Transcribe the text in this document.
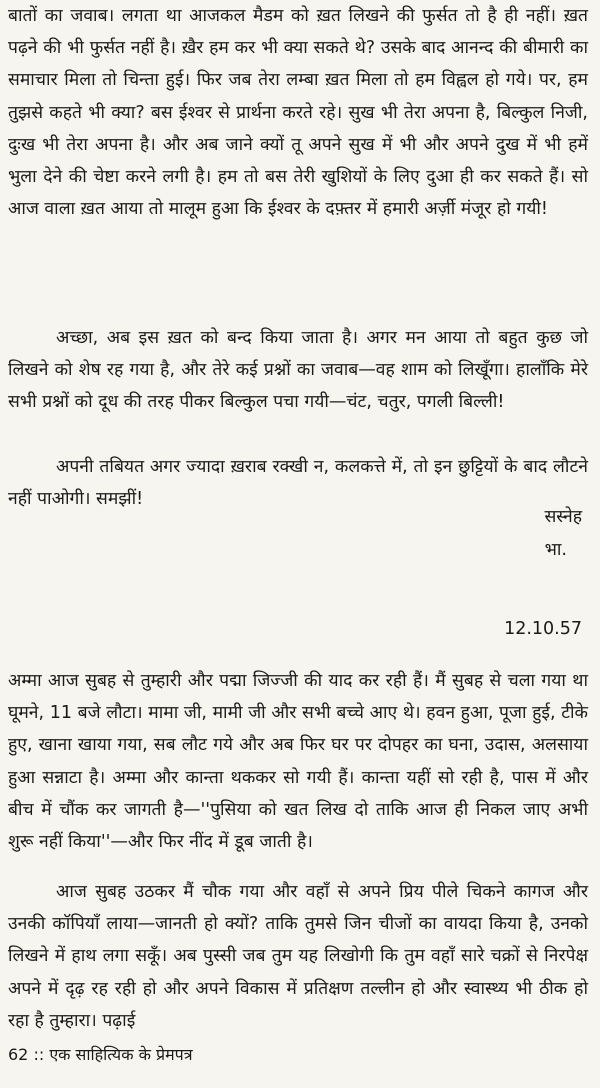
बातों का जवाब। लगता था आजकल मैडम को ख़त लिखने की फुर्सत तो है ही नहीं। ख़त पढ़ने की भी फुर्सत नहीं है। ख़ैर हम कर भी क्या सकते थे? उसके बाद आनन्द की बीमारी का समाचार मिला तो चिन्ता हुई। फिर जब तेरा लम्बा ख़त मिला तो हम विह्वल हो गये। पर, हम तुझसे कहते भी क्या? बस ईश्वर से प्रार्थना करते रहे। सुख भी तेरा अपना है, बिल्कुल निजी, दुःख भी तेरा अपना है। और अब जाने क्यों तू अपने सुख में भी और अपने दुख में भी हमें भुला देने की चेष्टा करने लगी है। हम तो बस तेरी खुशियों के लिए दुआ ही कर सकते हैं। सो आज वाला ख़त आया तो मालूम हुआ कि ईश्वर के दफ़्तर में हमारी अर्ज़ी मंजूर हो गयी!

अच्छा, अब इस ख़त को बन्द किया जाता है। अगर मन आया तो बहुत कुछ जो लिखने को शेष रह गया है, और तेरे कई प्रश्नों का जवाब—वह शाम को लिखूँगा। हालाँकि मेरे सभी प्रश्नों को दूध की तरह पीकर बिल्कुल पचा गयी—चंट, चतुर, पगली बिल्ली!

अपनी तबियत अगर ज्यादा ख़राब रक्खी न, कलकत्ते में, तो इन छुट्टियों के बाद लौटने नहीं पाओगी। समझीं!

सस्नेह
भा.
12.10.57

अम्मा आज सुबह से तुम्हारी और पद्मा जिज्जी की याद कर रही हैं। मैं सुबह से चला गया था घूमने, 11 बजे लौटा। मामा जी, मामी जी और सभी बच्चे आए थे। हवन हुआ, पूजा हुई, टीके हुए, खाना खाया गया, सब लौट गये और अब फिर घर पर दोपहर का घना, उदास, अलसाया हुआ सन्नाटा है। अम्मा और कान्ता थककर सो गयी हैं। कान्ता यहीं सो रही है, पास में और बीच में चौंक कर जागती है—''पुसिया को खत लिख दो ताकि आज ही निकल जाए अभी शुरू नहीं किया''—और फिर नींद में डूब जाती है।

आज सुबह उठकर मैं चौक गया और वहाँ से अपने प्रिय पीले चिकने कागज और उनकी कॉपियाँ लाया—जानती हो क्यों? ताकि तुमसे जिन चीजों का वायदा किया है, उनको लिखने में हाथ लगा सकूँ। अब पुस्सी जब तुम यह लिखोगी कि तुम वहाँ सारे चक्रों से निरपेक्ष अपने में दृढ़ रह रही हो और अपने विकास में प्रतिक्षण तल्लीन हो और स्वास्थ्य भी ठीक हो रहा है तुम्हारा। पढ़ाई

62 :: एक साहित्यिक के प्रेमपत्र
